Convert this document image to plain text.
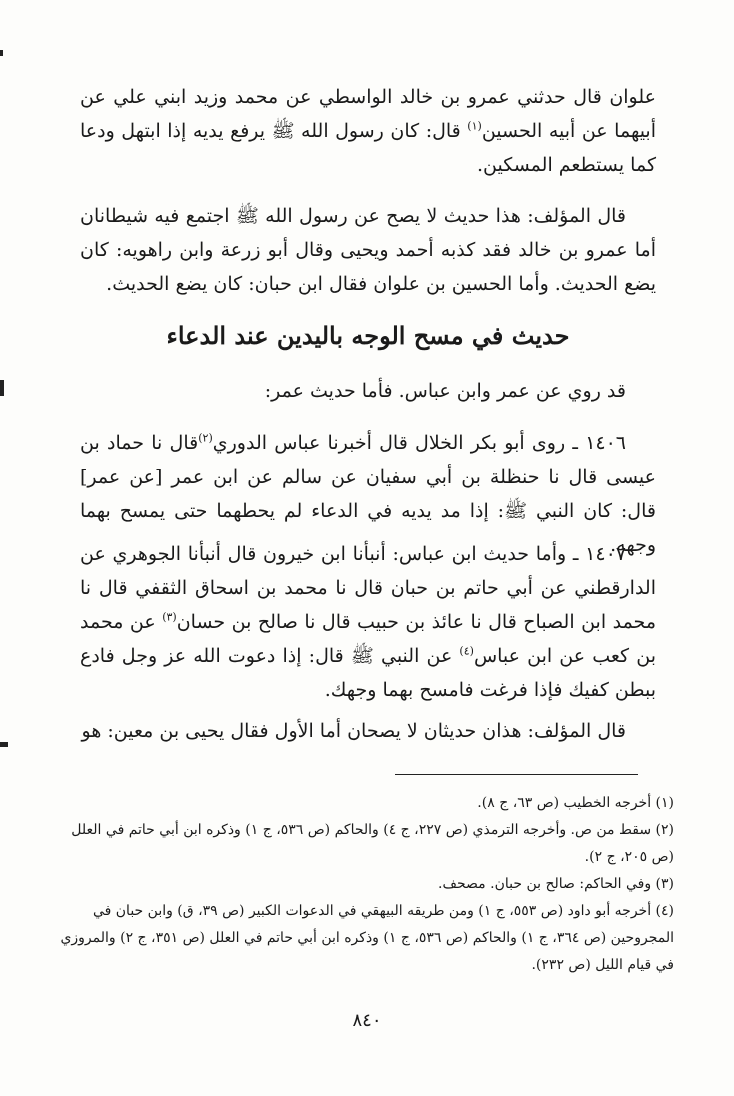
علوان قال حدثني عمرو بن خالد الواسطي عن محمد وزيد ابني علي عن أبيهما عن أبيه الحسين$^{(١)}$ قال: كان رسول الله ﷺ يرفع يديه إذا ابتهل ودعا كما يستطعم المسكين.

قال المؤلف: هذا حديث لا يصح عن رسول الله ﷺ اجتمع فيه شيطانان أما عمرو بن خالد فقد كذبه أحمد ويحيى وقال أبو زرعة وابن راهويه: كان يضع الحديث. وأما الحسين بن علوان فقال ابن حبان: كان يضع الحديث.

حديث في مسح الوجه باليدين عند الدعاء

قد روي عن عمر وابن عباس. فأما حديث عمر:

١٤٠٦ ـ روى أبو بكر الخلال قال أخبرنا عباس الدوري$^{(٢)}$قال نا حماد بن عيسى قال نا حنظلة بن أبي سفيان عن سالم عن ابن عمر [عن عمر] قال: كان النبي ﷺ: إذا مد يديه في الدعاء لم يحطهما حتى يمسح بهما وجهه.

١٤٠٧ ـ وأما حديث ابن عباس: أنبأنا ابن خيرون قال أنبأنا الجوهري عن الدارقطني عن أبي حاتم بن حبان قال نا محمد بن اسحاق الثقفي قال نا محمد ابن الصباح قال نا عائذ بن حبيب قال نا صالح بن حسان$^{(٣)}$ عن محمد بن كعب عن ابن عباس$^{(٤)}$ عن النبي ﷺ قال: إذا دعوت الله عز وجل فادع ببطن كفيك فإذا فرغت فامسح بهما وجهك.

قال المؤلف: هذان حديثان لا يصحان أما الأول فقال يحيى بن معين: هو

(١) أخرجه الخطيب (ص ٦٣، ج ٨).

(٢) سقط من ص. وأخرجه الترمذي (ص ٢٢٧، ج ٤) والحاكم (ص ٥٣٦، ج ١) وذكره ابن أبي حاتم في العلل (ص ٢٠٥، ج ٢).

(٣) وفي الحاكم: صالح بن حبان. مصحف.

(٤) أخرجه أبو داود (ص ٥٥٣، ج ١) ومن طريقه البيهقي في الدعوات الكبير (ص ٣٩، ق) وابن حبان في المجروحين (ص ٣٦٤، ج ١) والحاكم (ص ٥٣٦، ج ١) وذكره ابن أبي حاتم في العلل (ص ٣٥١، ج ٢) والمروزي في قيام الليل (ص ٢٣٢).

٨٤٠
